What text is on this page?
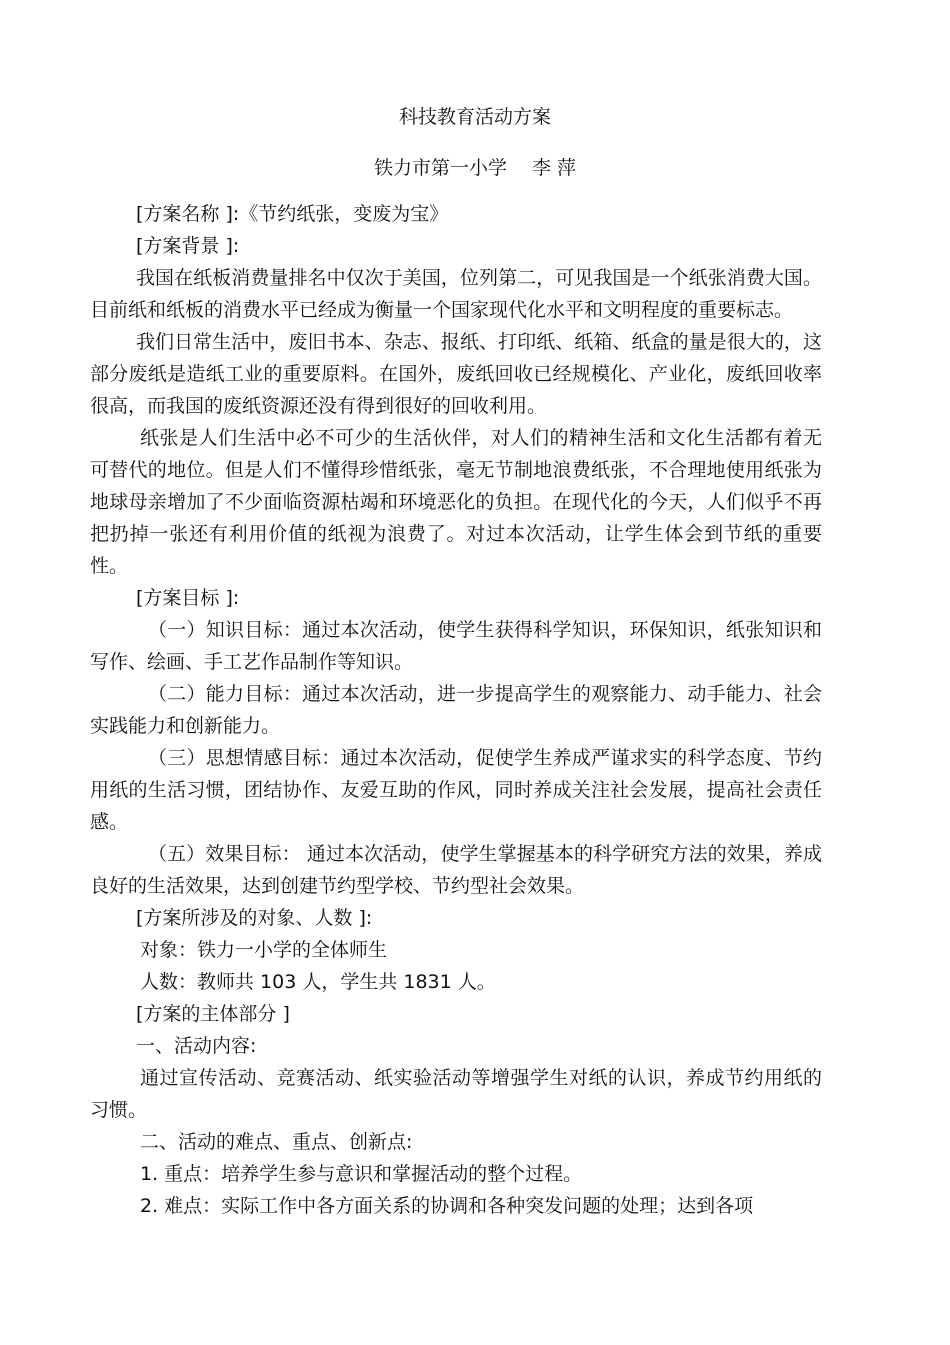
科技教育活动方案
铁力市第一小学　 李 萍

[方案名称 ]:《节约纸张，变废为宝》

[方案背景 ]:

我国在纸板消费量排名中仅次于美国，位列第二，可见我国是一个纸张消费大国。目前纸和纸板的消费水平已经成为衡量一个国家现代化水平和文明程度的重要标志。

我们日常生活中，废旧书本、杂志、报纸、打印纸、纸箱、纸盒的量是很大的，这部分废纸是造纸工业的重要原料。在国外，废纸回收已经规模化、产业化，废纸回收率很高，而我国的废纸资源还没有得到很好的回收利用。

纸张是人们生活中必不可少的生活伙伴，对人们的精神生活和文化生活都有着无可替代的地位。但是人们不懂得珍惜纸张，毫无节制地浪费纸张，不合理地使用纸张为地球母亲增加了不少面临资源枯竭和环境恶化的负担。在现代化的今天，人们似乎不再把扔掉一张还有利用价值的纸视为浪费了。对过本次活动，让学生体会到节纸的重要性。

[方案目标 ]:

（一）知识目标：通过本次活动，使学生获得科学知识，环保知识，纸张知识和写作、绘画、手工艺作品制作等知识。

（二）能力目标：通过本次活动，进一步提高学生的观察能力、动手能力、社会实践能力和创新能力。

（三）思想情感目标：通过本次活动，促使学生养成严谨求实的科学态度、节约用纸的生活习惯，团结协作、友爱互助的作风，同时养成关注社会发展，提高社会责任感。

（五）效果目标： 通过本次活动，使学生掌握基本的科学研究方法的效果，养成良好的生活效果，达到创建节约型学校、节约型社会效果。

[方案所涉及的对象、人数 ]:

对象：铁力一小学的全体师生

人数：教师共 103 人，学生共 1831 人。

[方案的主体部分 ]

一、活动内容:

通过宣传活动、竞赛活动、纸实验活动等增强学生对纸的认识，养成节约用纸的习惯。

二、活动的难点、重点、创新点:

1. 重点：培养学生参与意识和掌握活动的整个过程。

2. 难点：实际工作中各方面关系的协调和各种突发问题的处理；达到各项
